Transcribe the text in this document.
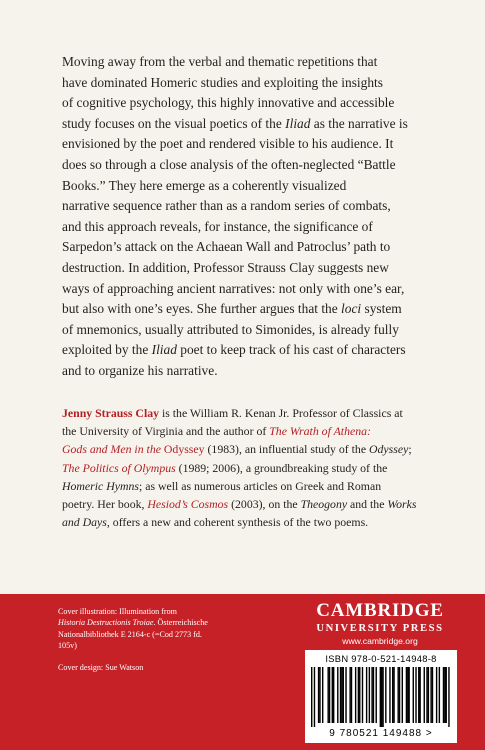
Moving away from the verbal and thematic repetitions that
have dominated Homeric studies and exploiting the insights
of cognitive psychology, this highly innovative and accessible
study focuses on the visual poetics of the Iliad as the narrative is
envisioned by the poet and rendered visible to his audience. It
does so through a close analysis of the often-neglected “Battle
Books.” They here emerge as a coherently visualized
narrative sequence rather than as a random series of combats,
and this approach reveals, for instance, the significance of
Sarpedon’s attack on the Achaean Wall and Patroclus’ path to
destruction. In addition, Professor Strauss Clay suggests new
ways of approaching ancient narratives: not only with one’s ear,
but also with one’s eyes. She further argues that the loci system
of mnemonics, usually attributed to Simonides, is already fully
exploited by the Iliad poet to keep track of his cast of characters
and to organize his narrative.
Jenny Strauss Clay is the William R. Kenan Jr. Professor of Classics at
the University of Virginia and the author of The Wrath of Athena:
Gods and Men in the Odyssey (1983), an influential study of the Odyssey;
The Politics of Olympus (1989; 2006), a groundbreaking study of the
Homeric Hymns; as well as numerous articles on Greek and Roman
poetry. Her book, Hesiod’s Cosmos (2003), on the Theogony and the Works
and Days, offers a new and coherent synthesis of the two poems.
Cover illustration: Illumination from
Historia Destructionis Troiae. Österreichische
Nationalbibliothek E 2164-c (=Cod 2773 fd.
105v)
Cover design: Sue Watson
CAMBRIDGE
UNIVERSITY PRESS
www.cambridge.org
ISBN 978-0-521-14948-8
9 780521 149488 >
